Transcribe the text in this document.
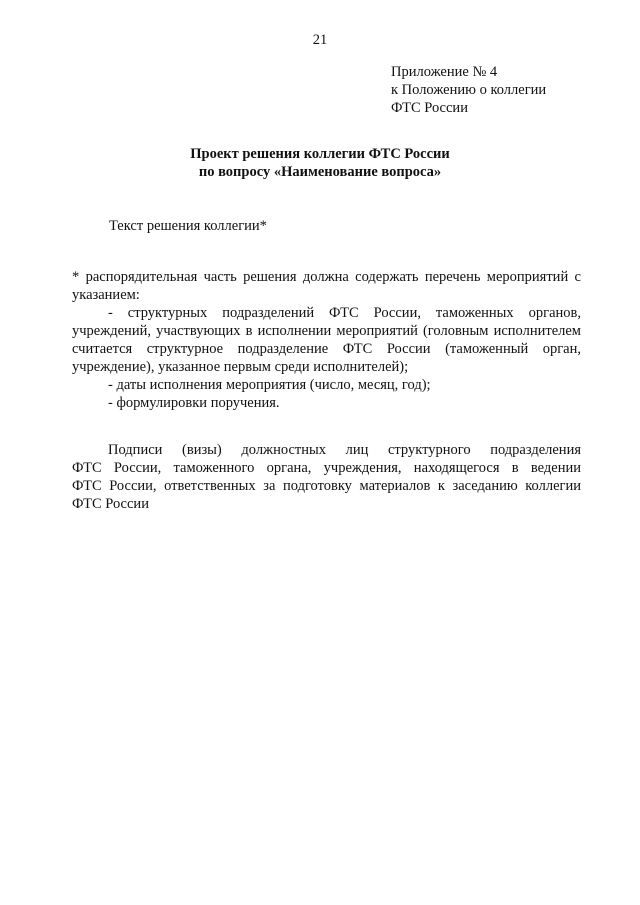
21
Приложение № 4
к Положению о коллегии
ФТС России
Проект решения коллегии ФТС России
по вопросу «Наименование вопроса»
Текст решения коллегии*
* распорядительная часть решения должна содержать перечень мероприятий с
указанием:
- структурных подразделений ФТС России, таможенных органов,
учреждений, участвующих в исполнении мероприятий (головным исполнителем
считается структурное подразделение ФТС России (таможенный орган,
учреждение), указанное первым среди исполнителей);
- даты исполнения мероприятия (число, месяц, год);
- формулировки поручения.
Подписи (визы) должностных лиц структурного подразделения
ФТС России, таможенного органа, учреждения, находящегося в ведении
ФТС России, ответственных за подготовку материалов к заседанию коллегии
ФТС России
